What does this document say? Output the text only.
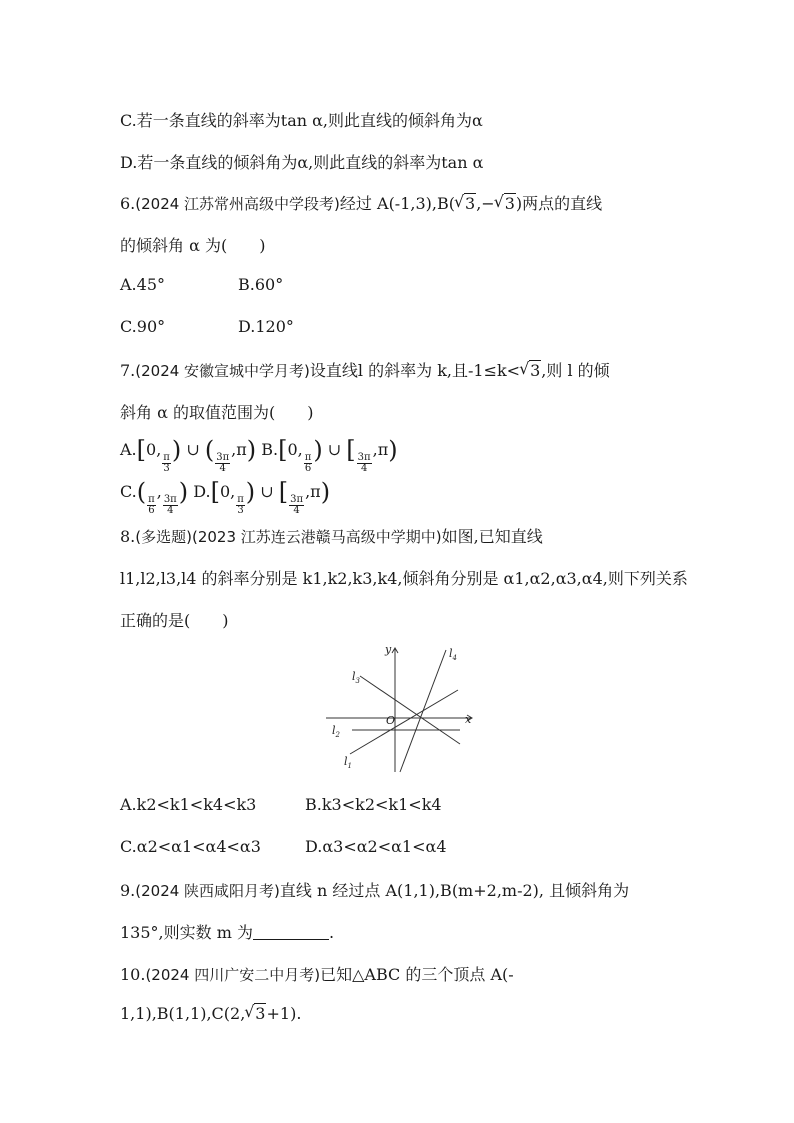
C.若一条直线的斜率为tan α,则此直线的倾斜角为α
D.若一条直线的倾斜角为α,则此直线的斜率为tan α
6.(2024 江苏常州高级中学段考)经过 A(-1,3),B( √ 3,− √ 3)两点的直线
的倾斜角 α 为(　　)
A.45°	B.60°
C.90°	D.120°
7.(2024 安徽宣城中学月考)设直线l 的斜率为 k,且-1≤k< √ 3,则 l 的倾
斜角 α 的取值范围为(　　)
A.[0,
$\frac{\pi}{3}$ ) ∪ ( $\frac{3\pi}{4}$
,π) B.[0,
$\frac{\pi}{6}$ ) ∪ [ $\frac{3\pi}{4}$
,π)
$C.( \frac{\pi}{6}$
,
$\frac{3\pi}{4}$ ) D.[0,
$\frac{\pi}{3}$ ) ∪ [ $\frac{3\pi}{4}$
,π)
8.(多选题)(2023 江苏连云港赣马高级中学期中)如图,已知直线
l1,l2,l3,l4 的斜率分别是 k1,k2,k3,k4,倾斜角分别是 α1,α2,α3,α4,则下列关系
正确的是(　　)
y
x
O
$l_1$
$l_2$
$l_3$
$l_4$
A.k2<k1<k4<k3	B.k3<k2<k1<k4
C.α2<α1<α4<α3	D.α3<α2<α1<α4
9.(2024 陕西咸阳月考)直线 n 经过点 A(1,1),B(m+2,m-2), 且倾斜角为
135°,则实数 m 为	.
10.(2024 四川广安二中月考)已知△ABC 的三个顶点 A(-
1,1),B(1,1),C(2, √ 3+1).
